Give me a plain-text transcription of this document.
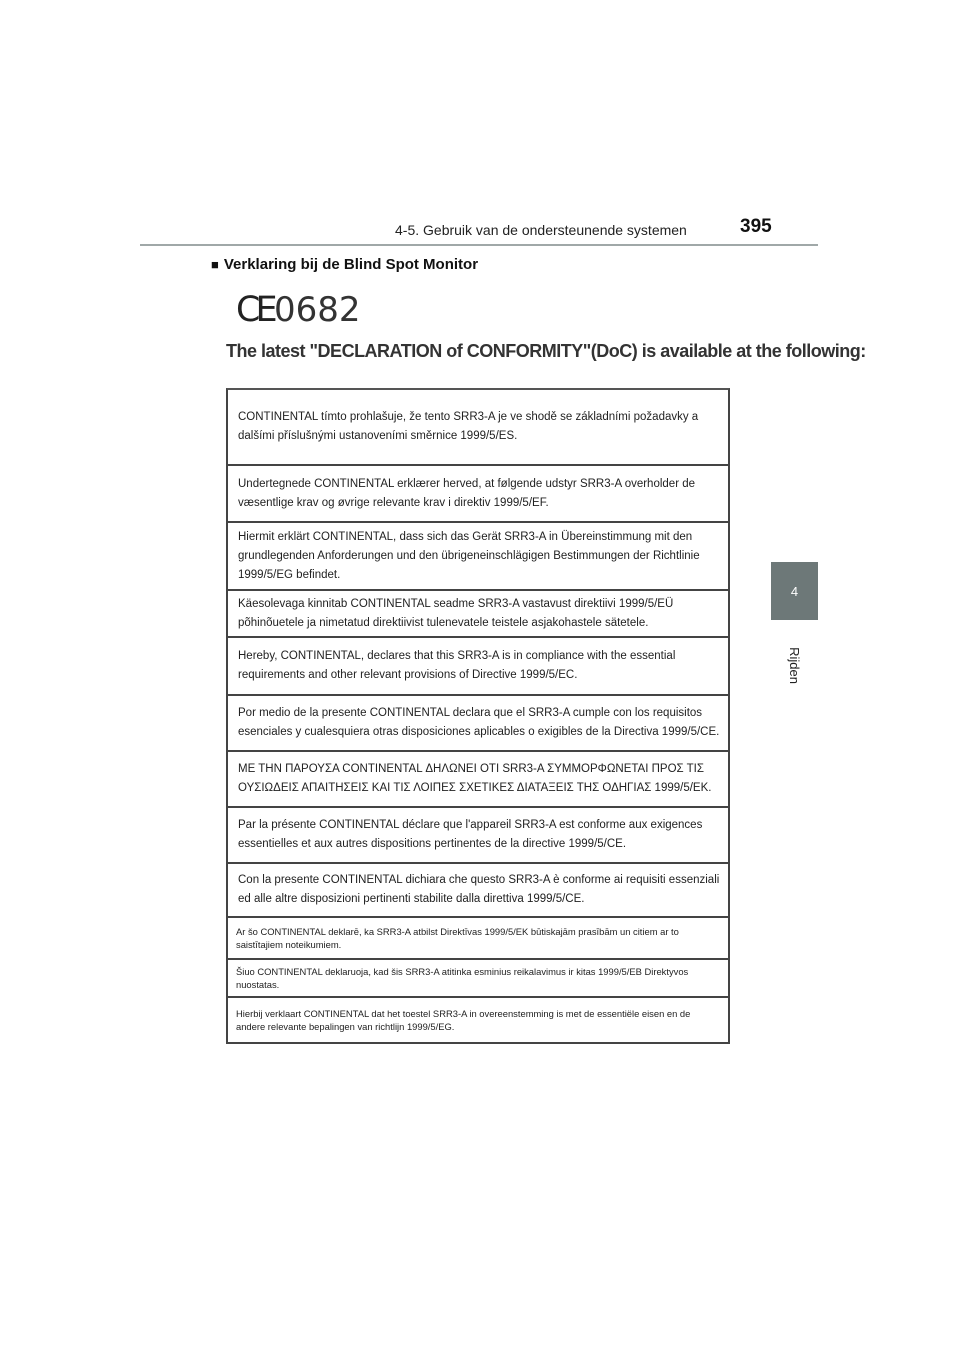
4-5. Gebruik van de ondersteunende systemen	395
4
Rijden
■ Verklaring bij de Blind Spot Monitor
CE 0682
The latest "DECLARATION of CONFORMITY"(DoC) is available at the following:
CONTINENTAL tímto prohlašuje, že tento SRR3-A je ve shodě se základními požadavky a dalšími příslušnými ustanoveními směrnice 1999/5/ES.
Undertegnede CONTINENTAL erklærer herved, at følgende udstyr SRR3-A overholder de væsentlige krav og øvrige relevante krav i direktiv 1999/5/EF.
Hiermit erklärt CONTINENTAL, dass sich das Gerät SRR3-A in Übereinstimmung mit den grundlegenden Anforderungen und den übrigeneinschlägigen Bestimmungen der Richtlinie 1999/5/EG befindet.
Käesolevaga kinnitab CONTINENTAL seadme SRR3-A vastavust direktiivi 1999/5/EÜ põhinõuetele ja nimetatud direktiivist tulenevatele teistele asjakohastele sätetele.
Hereby, CONTINENTAL, declares that this SRR3-A is in compliance with the essential requirements and other relevant provisions of Directive 1999/5/EC.
Por medio de la presente CONTINENTAL declara que el SRR3-A cumple con los requisitos esenciales y cualesquiera otras disposiciones aplicables o exigibles de la Directiva 1999/5/CE.
ΜΕ ΤΗΝ ΠΑΡΟΥΣΑ CONTINENTAL ΔΗΛΩΝΕΙ ΟΤΙ SRR3-A ΣΥΜΜΟΡΦΩΝΕΤΑΙ ΠΡΟΣ ΤΙΣ ΟΥΣΙΩΔΕΙΣ ΑΠΑΙΤΗΣΕΙΣ ΚΑΙ ΤΙΣ ΛΟΙΠΕΣ ΣΧΕΤΙΚΕΣ ΔΙΑΤΑΞΕΙΣ ΤΗΣ ΟΔΗΓΙΑΣ 1999/5/ΕΚ.
Par la présente CONTINENTAL déclare que l'appareil SRR3-A est conforme aux exigences essentielles et aux autres dispositions pertinentes de la directive 1999/5/CE.
Con la presente CONTINENTAL dichiara che questo SRR3-A è conforme ai requisiti essenziali ed alle altre disposizioni pertinenti stabilite dalla direttiva 1999/5/CE.
Ar šo CONTINENTAL deklarē, ka SRR3-A atbilst Direktīvas 1999/5/EK būtiskajām prasībām un citiem ar to saistītajiem noteikumiem.
Šiuo CONTINENTAL deklaruoja, kad šis SRR3-A atitinka esminius reikalavimus ir kitas 1999/5/EB Direktyvos nuostatas.
Hierbij verklaart CONTINENTAL dat het toestel SRR3-A in overeenstemming is met de essentiële eisen en de andere relevante bepalingen van richtlijn 1999/5/EG.
